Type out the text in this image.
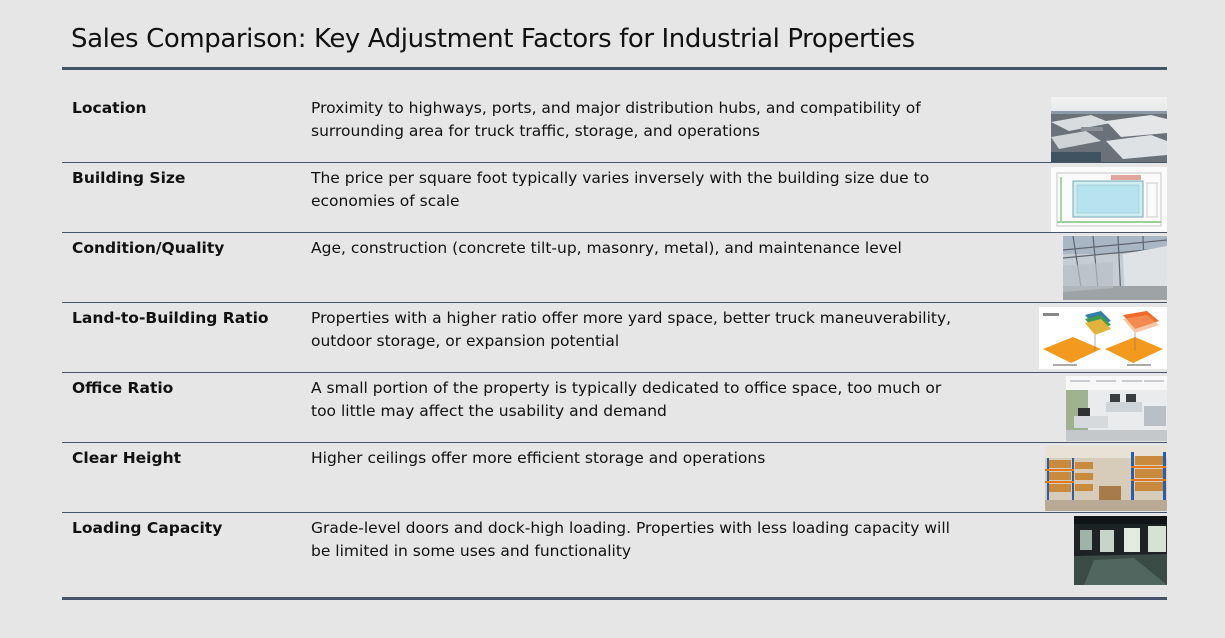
Sales Comparison: Key Adjustment Factors for Industrial Properties
Location	Proximity to highways, ports, and major distribution hubs, and compatibility of surrounding area for truck traffic, storage, and operations
Building Size	The price per square foot typically varies inversely with the building size due to economies of scale
Condition/Quality	Age, construction (concrete tilt-up, masonry, metal), and maintenance level
Land-to-Building Ratio	Properties with a higher ratio offer more yard space, better truck maneuverability, outdoor storage, or expansion potential
Office Ratio	A small portion of the property is typically dedicated to office space, too much or too little may affect the usability and demand
Clear Height	Higher ceilings offer more efficient storage and operations
Loading Capacity	Grade-level doors and dock-high loading. Properties with less loading capacity will be limited in some uses and functionality
